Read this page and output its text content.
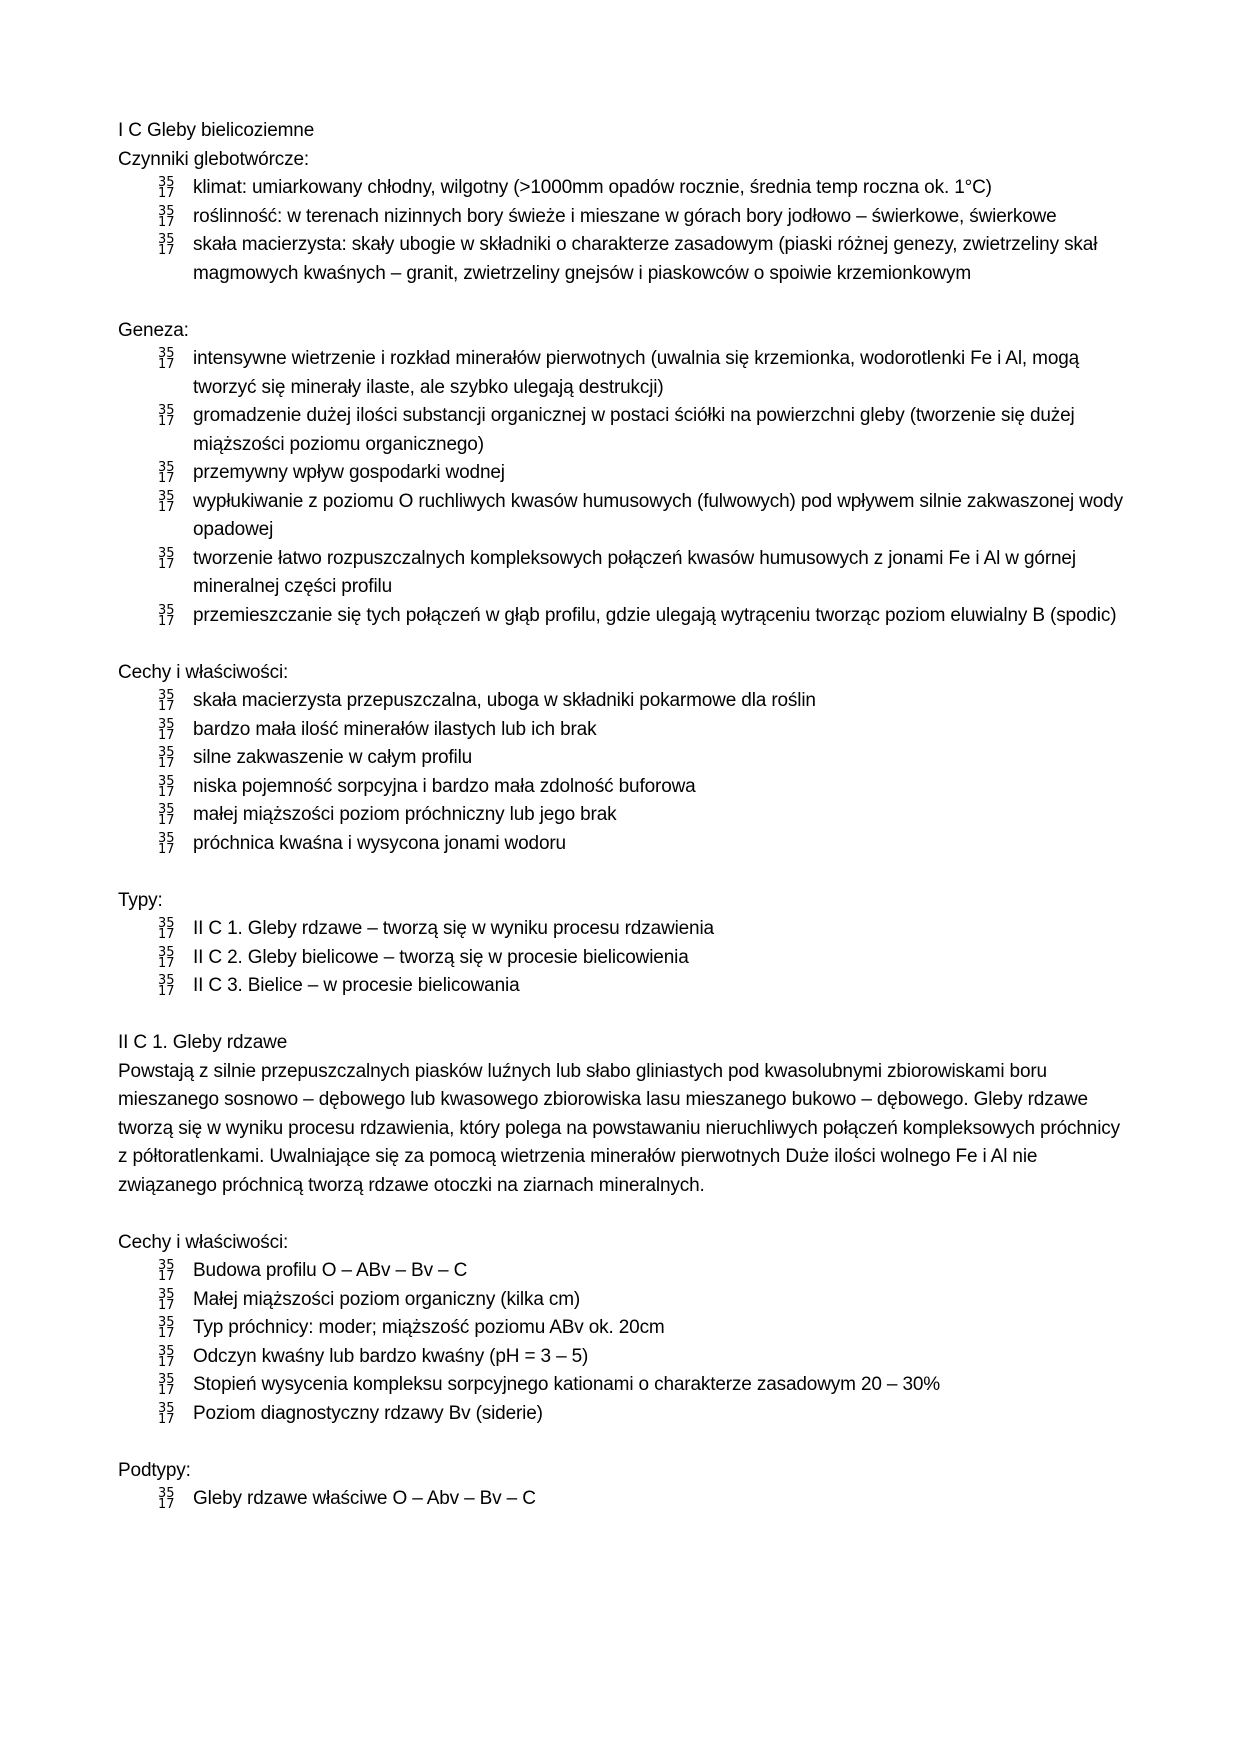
I C Gleby bielicoziemne

Czynniki glebotwórcze:

35
17 klimat: umiarkowany chłodny, wilgotny (>1000mm opadów rocznie, średnia temp roczna ok. 1°C)
35
17 roślinność: w terenach nizinnych bory świeże i mieszane w górach bory jodłowo – świerkowe, świerkowe
35
17 skała macierzysta: skały ubogie w składniki o charakterze zasadowym (piaski różnej genezy, zwietrzeliny skał magmowych kwaśnych – granit, zwietrzeliny gnejsów i piaskowców o spoiwie krzemionkowym

Geneza:

35
17 intensywne wietrzenie i rozkład minerałów pierwotnych (uwalnia się krzemionka, wodorotlenki Fe i Al, mogą tworzyć się minerały ilaste, ale szybko ulegają destrukcji)
35
17 gromadzenie dużej ilości substancji organicznej w postaci ściółki na powierzchni gleby (tworzenie się dużej miąższości poziomu organicznego)
35
17 przemywny wpływ gospodarki wodnej
35
17 wypłukiwanie z poziomu O ruchliwych kwasów humusowych (fulwowych) pod wpływem silnie zakwaszonej wody opadowej
35
17 tworzenie łatwo rozpuszczalnych kompleksowych połączeń kwasów humusowych z jonami Fe i Al w górnej mineralnej części profilu
35
17 przemieszczanie się tych połączeń w głąb profilu, gdzie ulegają wytrąceniu tworząc poziom eluwialny B (spodic)

Cechy i właściwości:

35
17 skała macierzysta przepuszczalna, uboga w składniki pokarmowe dla roślin
35
17 bardzo mała ilość minerałów ilastych lub ich brak
35
17 silne zakwaszenie w całym profilu
35
17 niska pojemność sorpcyjna i bardzo mała zdolność buforowa
35
17 małej miąższości poziom próchniczny lub jego brak
35
17 próchnica kwaśna i wysycona jonami wodoru

Typy:

35
17 II C 1. Gleby rdzawe – tworzą się w wyniku procesu rdzawienia
35
17 II C 2. Gleby bielicowe – tworzą się w procesie bielicowienia
35
17 II C 3. Bielice – w procesie bielicowania

II C 1. Gleby rdzawe

Powstają z silnie przepuszczalnych piasków luźnych lub słabo gliniastych pod kwasolubnymi zbiorowiskami boru mieszanego sosnowo – dębowego lub kwasowego zbiorowiska lasu mieszanego bukowo – dębowego. Gleby rdzawe tworzą się w wyniku procesu rdzawienia, który polega na powstawaniu nieruchliwych połączeń kompleksowych próchnicy z półtoratlenkami. Uwalniające się za pomocą wietrzenia minerałów pierwotnych Duże ilości wolnego Fe i Al nie związanego próchnicą tworzą rdzawe otoczki na ziarnach mineralnych.

Cechy i właściwości:

35
17 Budowa profilu O – ABv – Bv – C
35
17 Małej miąższości poziom organiczny (kilka cm)
35
17 Typ próchnicy: moder; miąższość poziomu ABv ok. 20cm
35
17 Odczyn kwaśny lub bardzo kwaśny (pH = 3 – 5)
35
17 Stopień wysycenia kompleksu sorpcyjnego kationami o charakterze zasadowym 20 – 30%
35
17 Poziom diagnostyczny rdzawy Bv (siderie)

Podtypy:

35
17 Gleby rdzawe właściwe O – Abv – Bv – C
